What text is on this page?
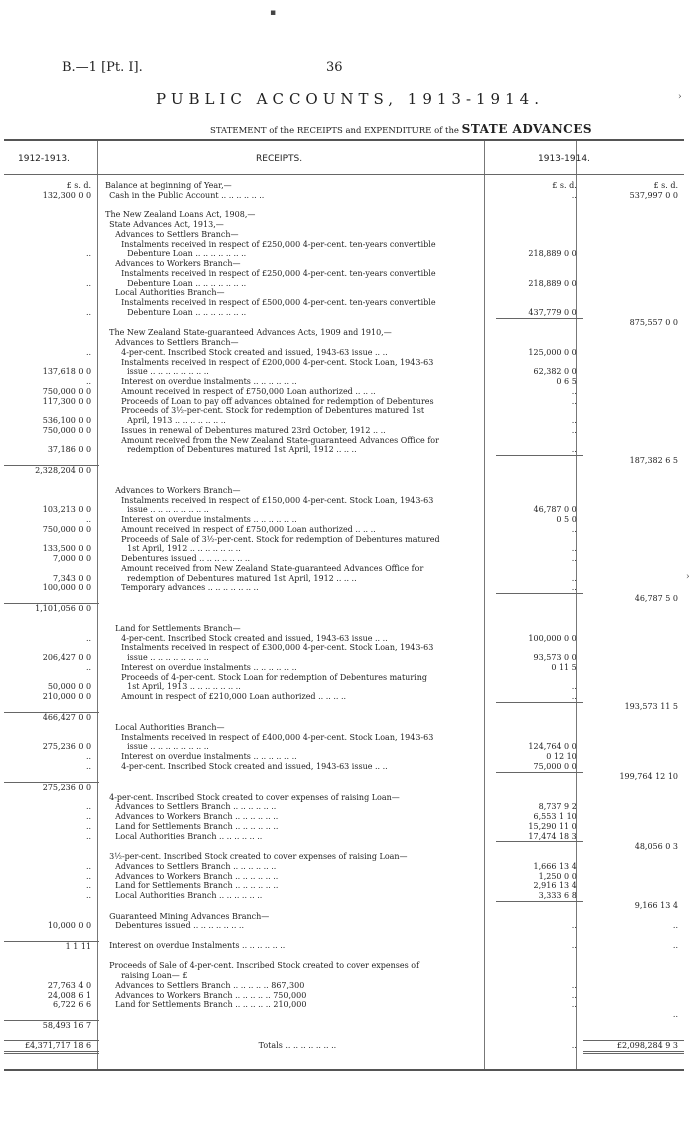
B.—1 [Pt. I].	36
PUBLIC ACCOUNTS, 1913-1914.
STATEMENT of the RECEIPTS and EXPENDITURE of the STATE ADVANCES
1912-1913.	RECEIPTS.	1913-1914.
£ s. d.	Balance at beginning of Year,—	£ s. d.	£ s. d.
132,300 0 0	Cash in the Public Account .. .. .. .. .. ..	..	537,997 0 0

	The New Zealand Loans Act, 1908,—		
	State Advances Act, 1913,—		
	Advances to Settlers Branch—		
	Instalments received in respect of £250,000 4-per-cent. ten-years convertible		
..	Debenture Loan .. .. .. .. .. .. ..	218,889 0 0	
	Advances to Workers Branch—		
	Instalments received in respect of £250,000 4-per-cent. ten-years convertible		
..	Debenture Loan .. .. .. .. .. .. ..	218,889 0 0	
	Local Authorities Branch—		
	Instalments received in respect of £500,000 4-per-cent. ten-years convertible		
..	Debenture Loan .. .. .. .. .. .. ..	437,779 0 0	
			875,557 0 0
	The New Zealand State-guaranteed Advances Acts, 1909 and 1910,—		
	Advances to Settlers Branch—		
..	4-per-cent. Inscribed Stock created and issued, 1943-63 issue .. ..	125,000 0 0	
	Instalments received in respect of £200,000 4-per-cent. Stock Loan, 1943-63		
137,618 0 0	issue .. .. .. .. .. .. .. ..	62,382 0 0	
..	Interest on overdue instalments .. .. .. .. .. ..	0 6 5	
750,000 0 0	Amount received in respect of £750,000 Loan authorized .. .. ..	..	
117,300 0 0	Proceeds of Loan to pay off advances obtained for redemption of Debentures	..	
	Proceeds of 3½-per-cent. Stock for redemption of Debentures matured 1st		
536,100 0 0	April, 1913 .. .. .. .. .. .. ..	..	
750,000 0 0	Issues in renewal of Debentures matured 23rd October, 1912 .. ..	..	
	Amount received from the New Zealand State-guaranteed Advances Office for		
37,186 0 0	redemption of Debentures matured 1st April, 1912 .. .. ..	..	
			187,382 6 5
2,328,204 0 0			

	Advances to Workers Branch—		
	Instalments received in respect of £150,000 4-per-cent. Stock Loan, 1943-63		
103,213 0 0	issue .. .. .. .. .. .. .. ..	46,787 0 0	
..	Interest on overdue instalments .. .. .. .. .. ..	0 5 0	
750,000 0 0	Amount received in respect of £750,000 Loan authorized .. .. ..	..	
	Proceeds of Sale of 3½-per-cent. Stock for redemption of Debentures matured		
133,500 0 0	1st April, 1912 .. .. .. .. .. .. ..	..	
7,000 0 0	Debentures issued .. .. .. .. .. .. ..	..	
	Amount received from New Zealand State-guaranteed Advances Office for		
7,343 0 0	redemption of Debentures matured 1st April, 1912 .. .. ..	..	
100,000 0 0	Temporary advances .. .. .. .. .. .. ..	..	
			46,787 5 0
1,101,056 0 0			

	Land for Settlements Branch—		
..	4-per-cent. Inscribed Stock created and issued, 1943-63 issue .. ..	100,000 0 0	
	Instalments received in respect of £300,000 4-per-cent. Stock Loan, 1943-63		
206,427 0 0	issue .. .. .. .. .. .. .. ..	93,573 0 0	
..	Interest on overdue instalments .. .. .. .. .. ..	0 11 5	
	Proceeds of 4-per-cent. Stock Loan for redemption of Debentures maturing		
50,000 0 0	1st April, 1913 .. .. .. .. .. .. ..	..	
210,000 0 0	Amount in respect of £210,000 Loan authorized .. .. .. ..	..	
			193,573 11 5
466,427 0 0			
	Local Authorities Branch—		
	Instalments received in respect of £400,000 4-per-cent. Stock Loan, 1943-63		
275,236 0 0	issue .. .. .. .. .. .. .. ..	124,764 0 0	
..	Interest on overdue instalments .. .. .. .. .. ..	0 12 10	
..	4-per-cent. Inscribed Stock created and issued, 1943-63 issue .. ..	75,000 0 0	
			199,764 12 10
275,236 0 0			
	4-per-cent. Inscribed Stock created to cover expenses of raising Loan—		
..	Advances to Settlers Branch .. .. .. .. .. ..	8,737 9 2	
..	Advances to Workers Branch .. .. .. .. .. ..	6,553 1 10	
..	Land for Settlements Branch .. .. .. .. .. ..	15,290 11 0	
..	Local Authorities Branch .. .. .. .. .. ..	17,474 18 3	
			48,056 0 3
	3½-per-cent. Inscribed Stock created to cover expenses of raising Loan—		
..	Advances to Settlers Branch .. .. .. .. .. ..	1,666 13 4	
..	Advances to Workers Branch .. .. .. .. .. ..	1,250 0 0	
..	Land for Settlements Branch .. .. .. .. .. ..	2,916 13 4	
..	Local Authorities Branch .. .. .. .. .. ..	3,333 6 8	
			9,166 13 4
	Guaranteed Mining Advances Branch—		
10,000 0 0	Debentures issued .. .. .. .. .. .. ..	..	..

1 1 11	Interest on overdue Instalments .. .. .. .. .. ..	..	..

	Proceeds of Sale of 4-per-cent. Inscribed Stock created to cover expenses of		
	raising Loan— £		
27,763 4 0	Advances to Settlers Branch .. .. .. .. .. 867,300	..	
24,008 6 1	Advances to Workers Branch .. .. .. .. .. 750,000	..	
6,722 6 6	Land for Settlements Branch .. .. .. .. .. 210,000	..	
			..
58,493 16 7			

£4,371,717 18 6	Totals .. .. .. .. .. .. ..	..	£2,098,284 9 3
▪
›
›
